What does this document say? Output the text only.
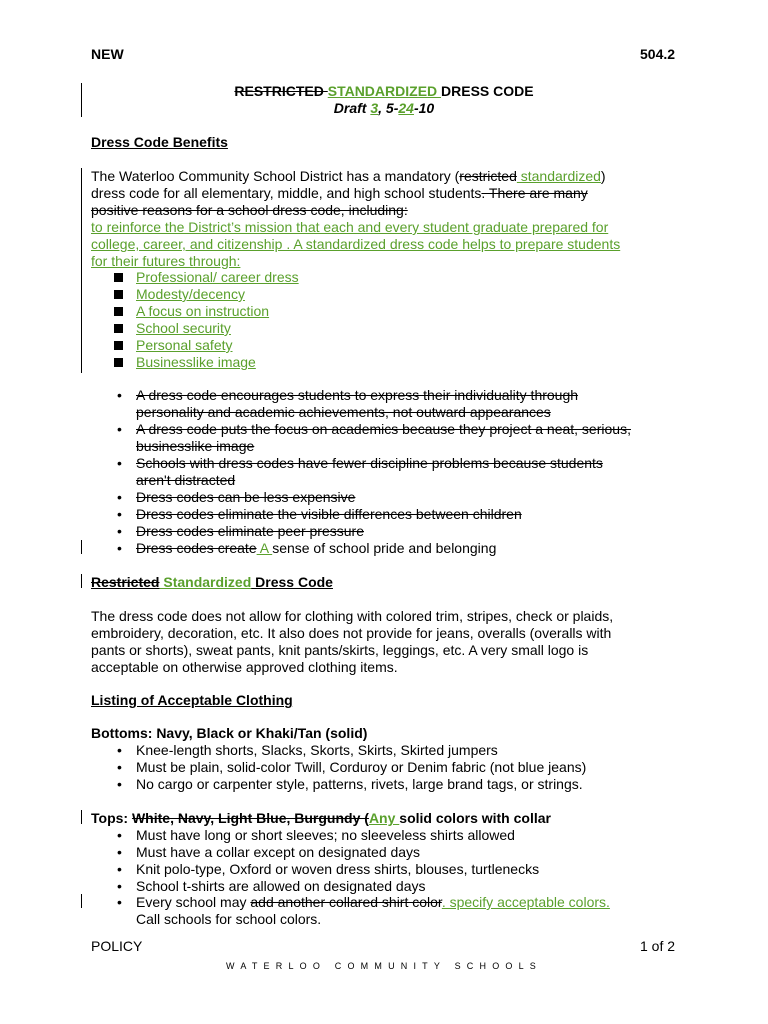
NEW	504.2
RESTRICTED STANDARDIZED DRESS CODE
Draft 3, 5-24-10
Dress Code Benefits
The Waterloo Community School District has a mandatory (restricted standardized)
dress code for all elementary, middle, and high school students. There are many
positive reasons for a school dress code, including:
to reinforce the District’s mission that each and every student graduate prepared for
college, career, and citizenship . A standardized dress code helps to prepare students
for their futures through:
Professional/ career dress
Modesty/decency
A focus on instruction
School security
Personal safety
Businesslike image
• A dress code encourages students to express their individuality through
personality and academic achievements, not outward appearances
• A dress code puts the focus on academics because they project a neat, serious,
businesslike image
• Schools with dress codes have fewer discipline problems because students
aren't distracted
• Dress codes can be less expensive
• Dress codes eliminate the visible differences between children
• Dress codes eliminate peer pressure
• Dress codes create A sense of school pride and belonging
Restricted Standardized Dress Code
The dress code does not allow for clothing with colored trim, stripes, check or plaids,
embroidery, decoration, etc. It also does not provide for jeans, overalls (overalls with
pants or shorts), sweat pants, knit pants/skirts, leggings, etc. A very small logo is
acceptable on otherwise approved clothing items.
Listing of Acceptable Clothing
Bottoms: Navy, Black or Khaki/Tan (solid)
• Knee-length shorts, Slacks, Skorts, Skirts, Skirted jumpers
• Must be plain, solid-color Twill, Corduroy or Denim fabric (not blue jeans)
• No cargo or carpenter style, patterns, rivets, large brand tags, or strings.
Tops: White, Navy, Light Blue, Burgundy (Any solid colors with collar
• Must have long or short sleeves; no sleeveless shirts allowed
• Must have a collar except on designated days
• Knit polo-type, Oxford or woven dress shirts, blouses, turtlenecks
• School t-shirts are allowed on designated days
• Every school may add another collared shirt color. specify acceptable colors.
Call schools for school colors.
POLICY	1 of 2
WATERLOO COMMUNITY SCHOOLS
